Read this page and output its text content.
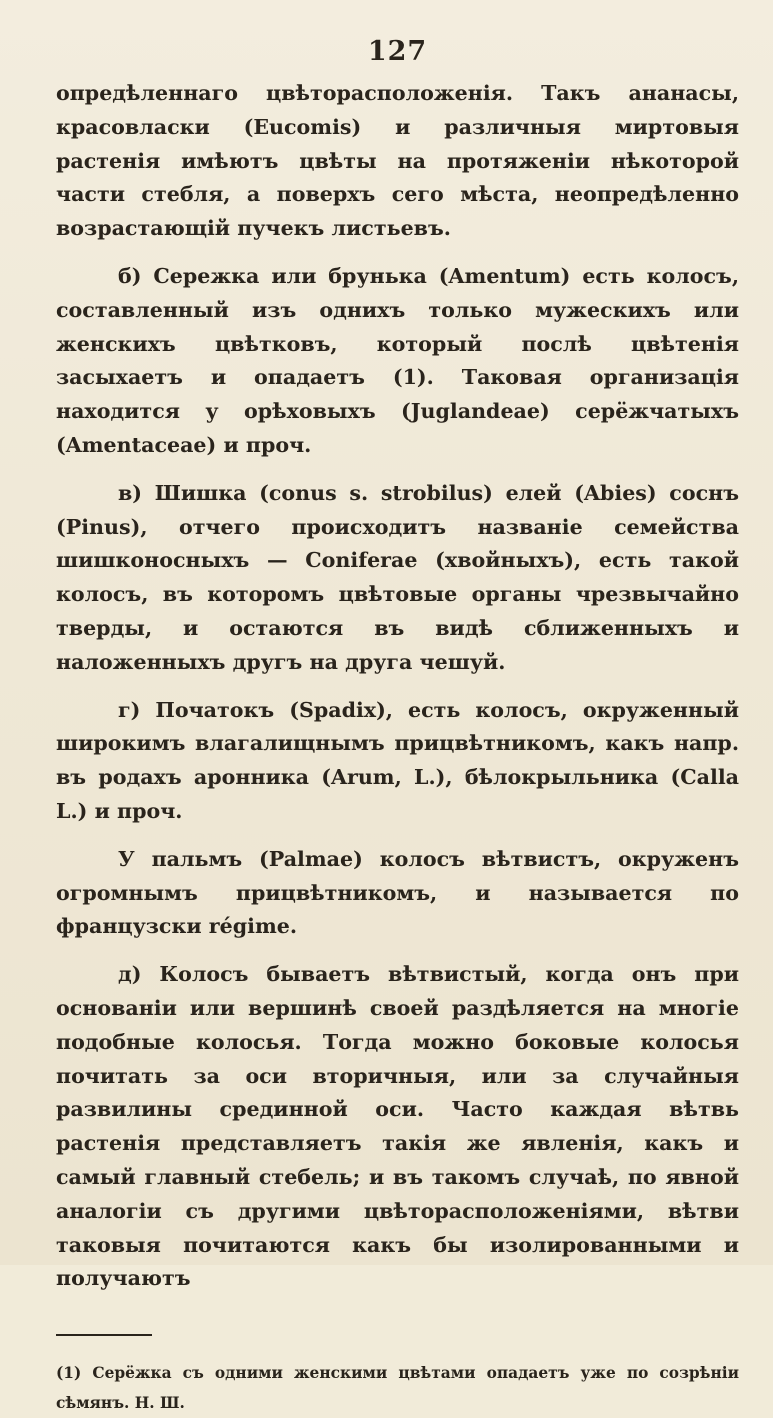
127

опредѣленнаго цвѣторасположенія. Такъ ананасы, красовласки (Eucomis) и различныя миртовыя растенія имѣютъ цвѣты на протяженіи нѣкоторой части стебля, а поверхъ сего мѣста, неопредѣленно возрастающій пучекъ листьевъ.

б) Сережка или брунька (Amentum) есть колосъ, составленный изъ однихъ только мужескихъ или женскихъ цвѣтковъ, который послѣ цвѣтенія засыхаетъ и опадаетъ (1). Таковая организація находится у орѣховыхъ (Juglandeae) серёжчатыхъ (Amentaceae) и проч.

в) Шишка (conus s. strobilus) елей (Abies) соснъ (Pinus), отчего происходитъ названіе семейства шишконосныхъ — Coniferae (хвойныхъ), есть такой колосъ, въ которомъ цвѣтовые органы чрезвычайно тверды, и остаются въ видѣ сближенныхъ и наложенныхъ другъ на друга чешуй.

г) Початокъ (Spadix), есть колосъ, окруженный широкимъ влагалищнымъ прицвѣтникомъ, какъ напр. въ родахъ аронника (Arum, L.), бѣлокрыльника (Calla L.) и проч.

У пальмъ (Palmae) колосъ вѣтвистъ, окруженъ огромнымъ прицвѣтникомъ, и называется по французски régime.

д) Колосъ бываетъ вѣтвистый, когда онъ при основаніи или вершинѣ своей раздѣляется на многіе подобные колосья. Тогда можно боковые колосья почитать за оси вторичныя, или за случайныя развилины срединной оси. Часто каждая вѣтвь растенія представляетъ такія же явленія, какъ и самый главный стебель; и въ такомъ случаѣ, по явной аналогіи съ другими цвѣторасположеніями, вѣтви таковыя почитаются какъ бы изолированными и получаютъ

(1) Серёжка съ одними женскими цвѣтами опадаетъ уже по созрѣніи сѣмянъ. Н. Ш.
